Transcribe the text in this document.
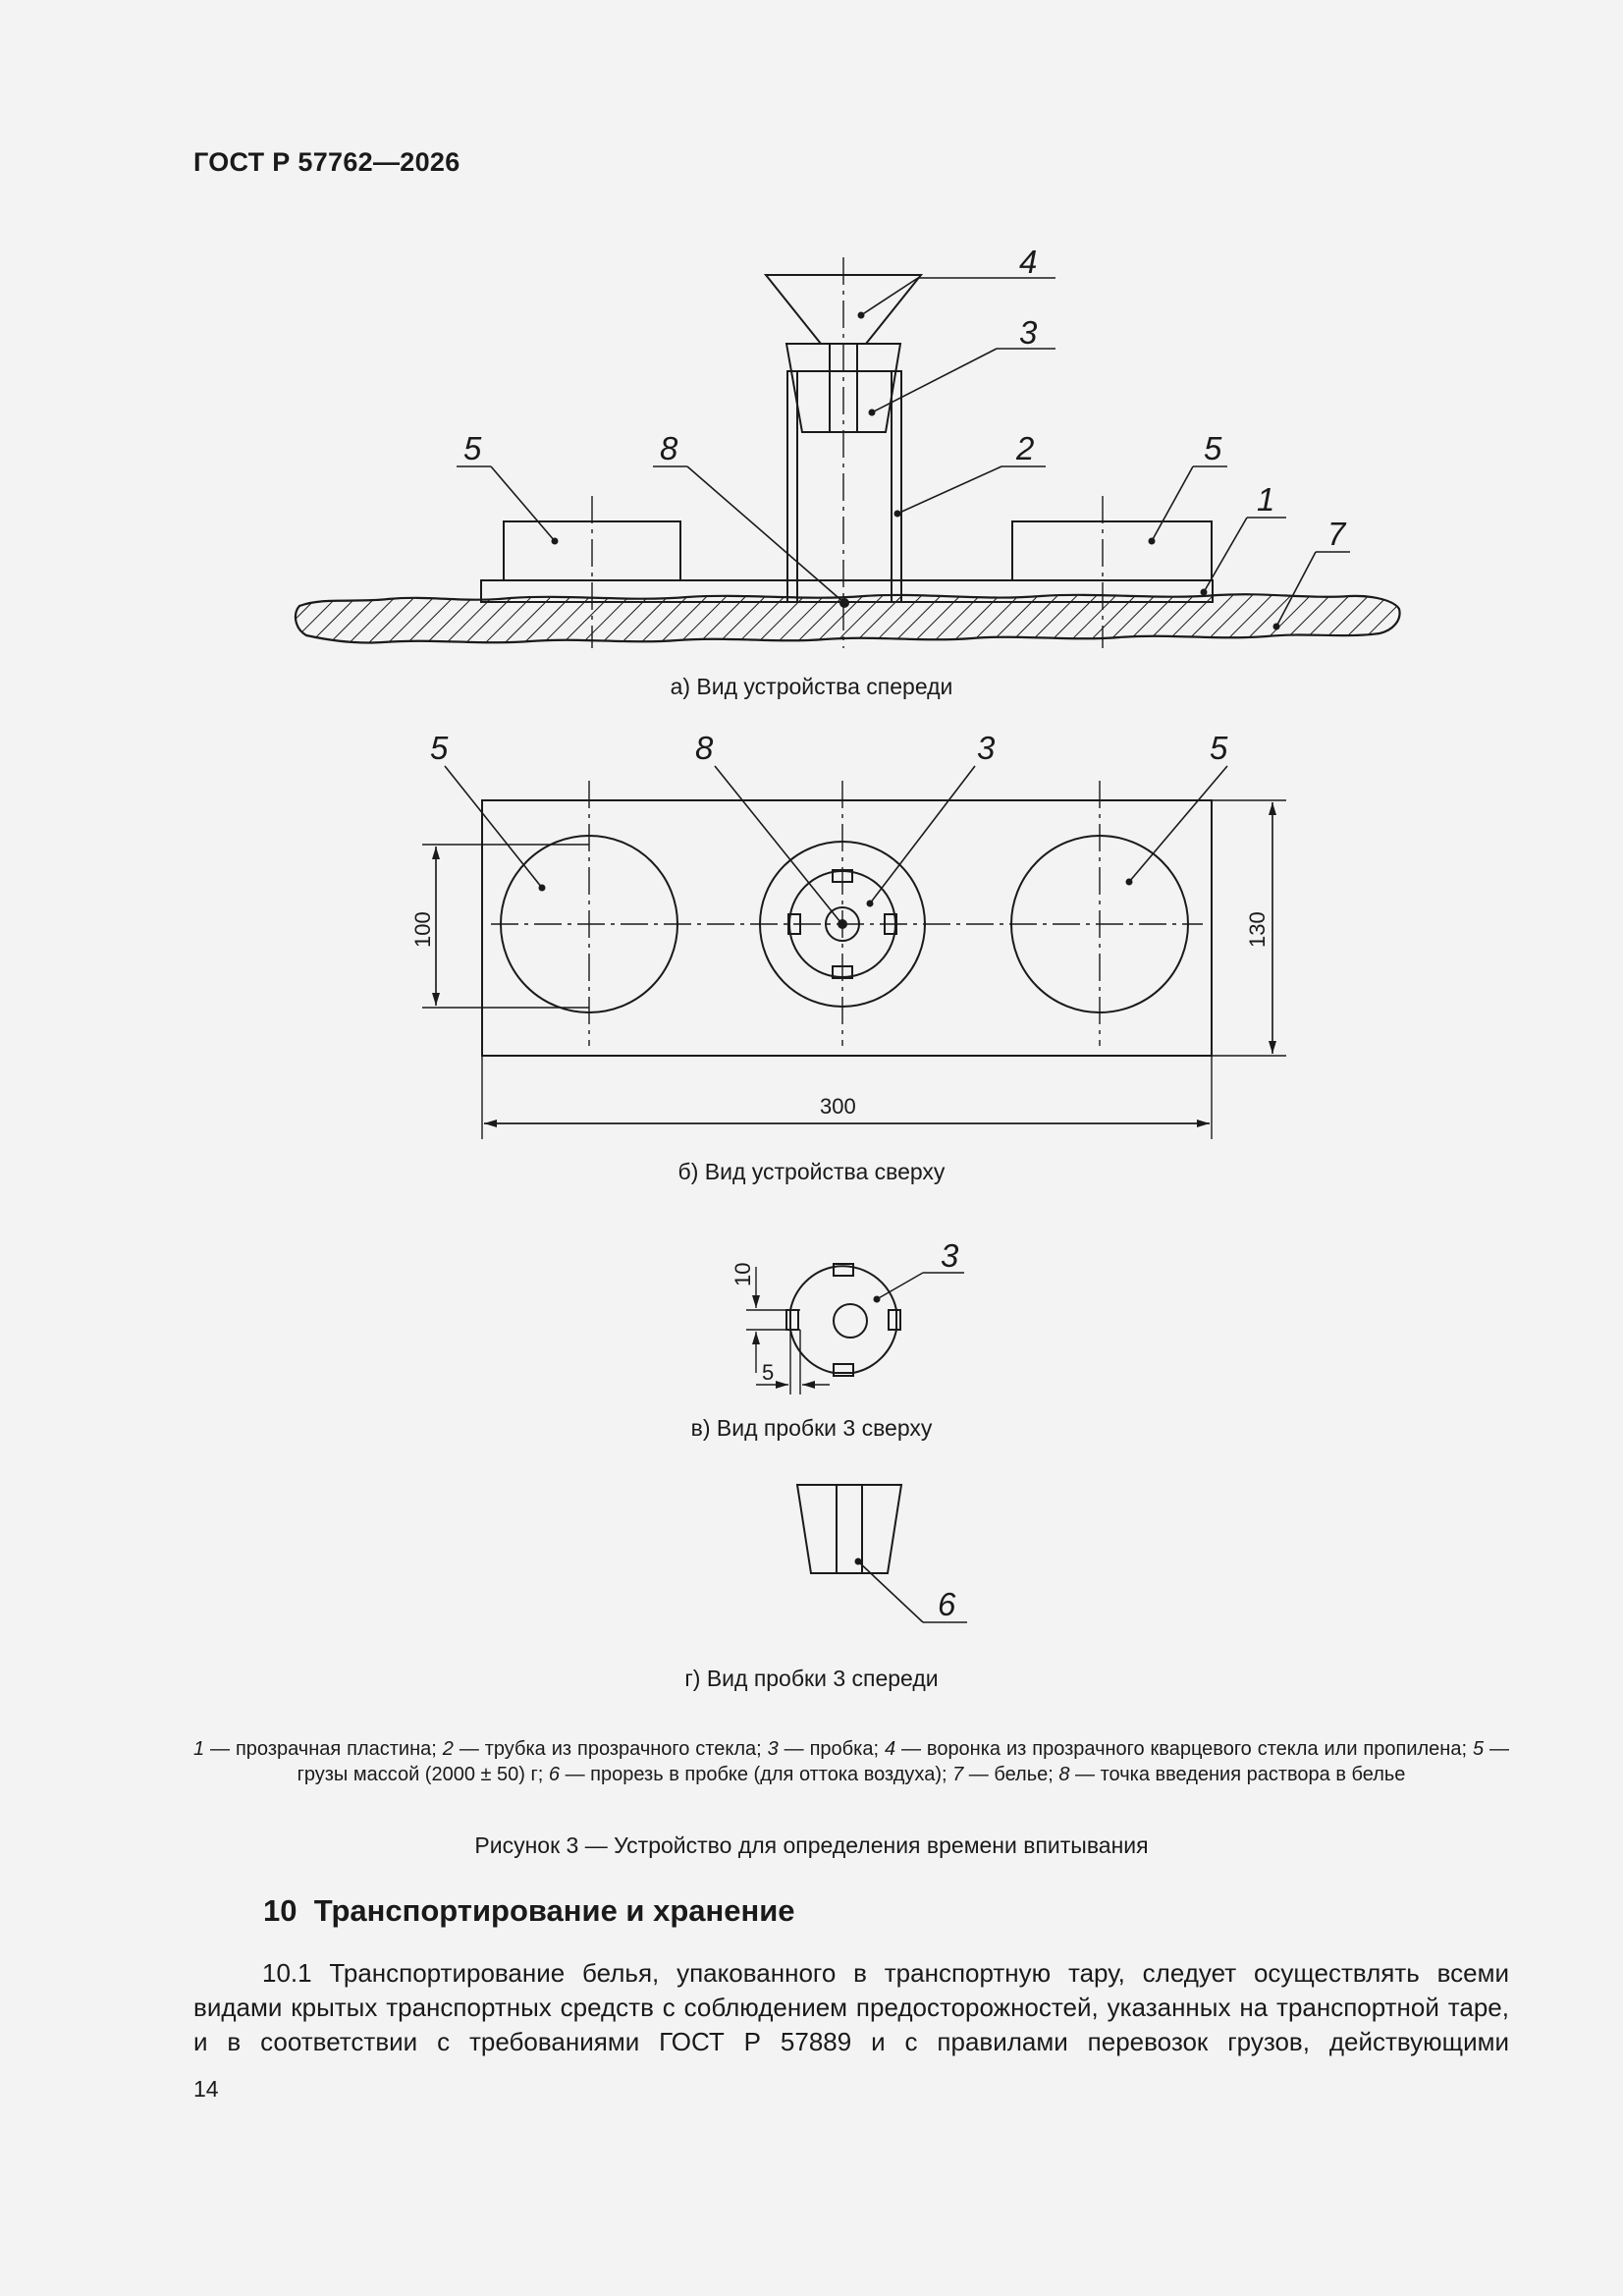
ГОСТ Р 57762—2026
4
3
2
5	8	5
1
7
5	8	3	5
100	130
300
3
10
5
6
а) Вид устройства спереди
б) Вид устройства сверху
в) Вид пробки 3 сверху
г) Вид пробки 3 спереди
1 — прозрачная пластина; 2 — трубка из прозрачного стекла; 3 — пробка; 4 — воронка из прозрачного кварцевого стекла или пропилена; 5 — грузы массой (2000 ± 50) г; 6 — прорезь в пробке (для оттока воздуха); 7 — белье; 8 — точка введения раствора в белье
Рисунок 3 — Устройство для определения времени впитывания
10  Транспортирование и хранение
10.1 Транспортирование белья, упакованного в транспортную тару, следует осуществлять всеми видами крытых транспортных средств с соблюдением предосторожностей, указанных на транспортной таре, и в соответствии с требованиями ГОСТ Р 57889 и с правилами перевозок грузов, действующими
14
